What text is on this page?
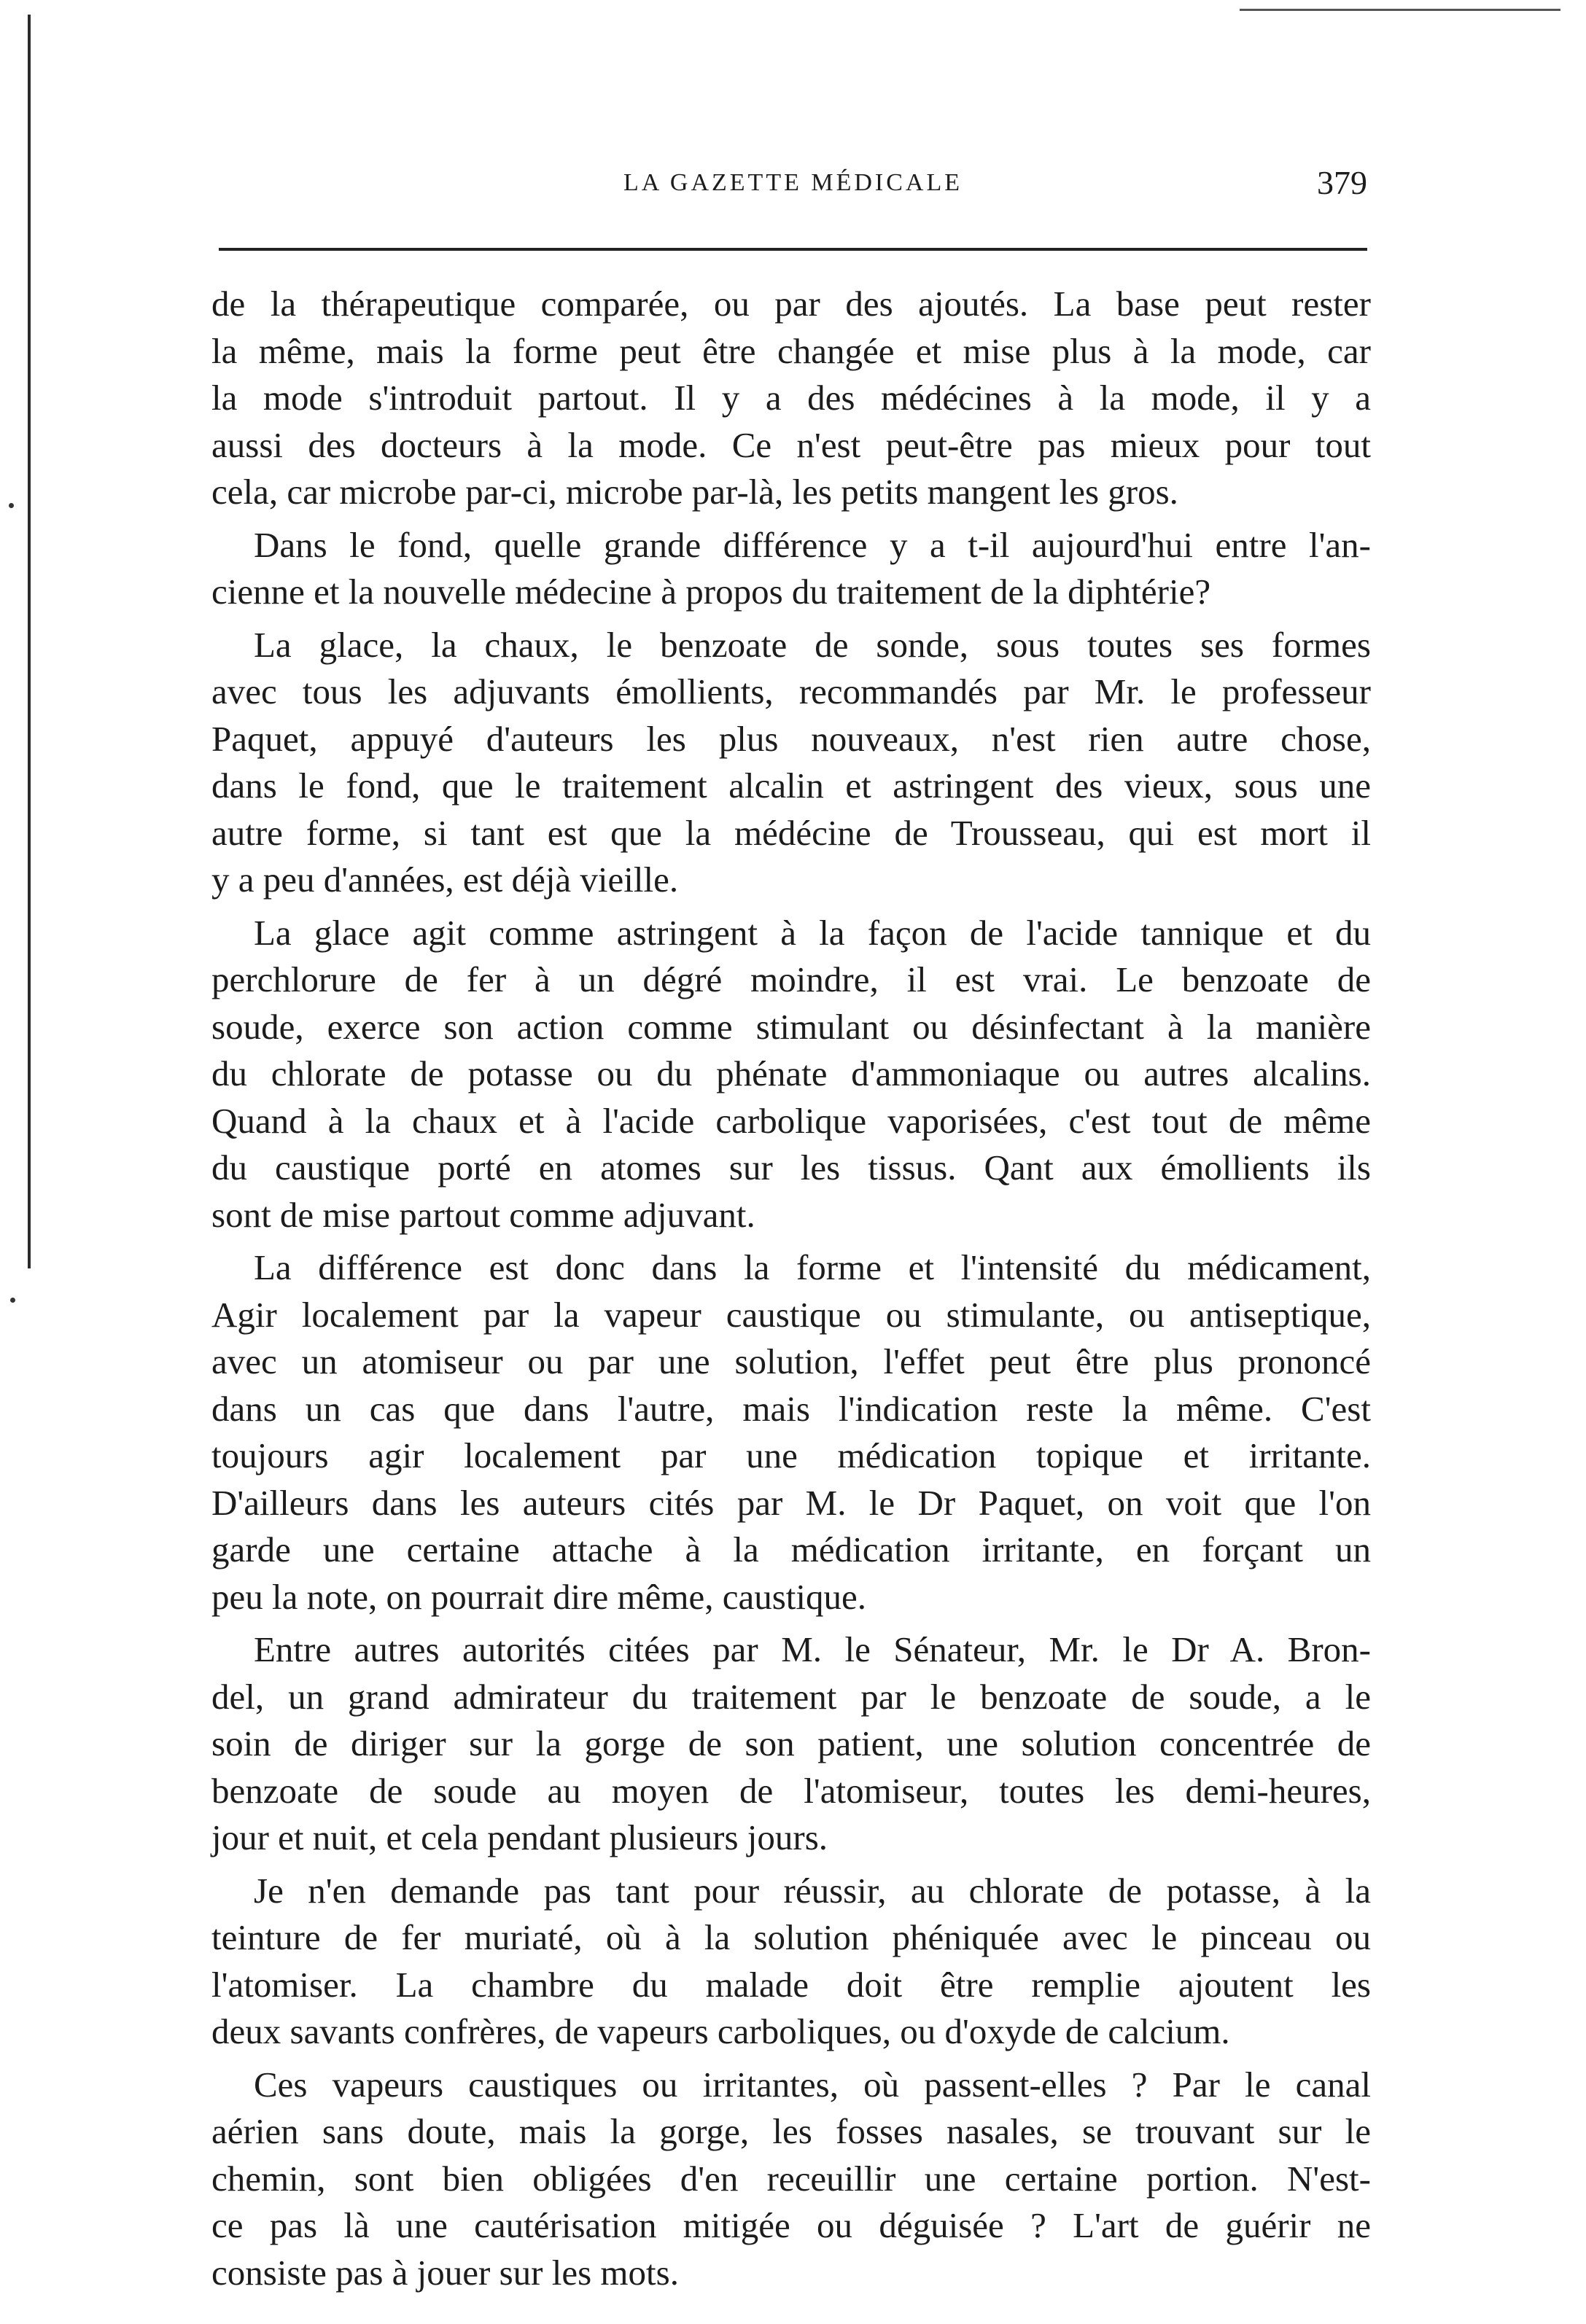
LA GAZETTE MÉDICALE	379
de la thérapeutique comparée, ou par des ajoutés. La base peut rester
la même, mais la forme peut être changée et mise plus à la mode, car
la mode s'introduit partout. Il y a des médécines à la mode, il y a
aussi des docteurs à la mode. Ce n'est peut-être pas mieux pour tout
cela, car microbe par-ci, microbe par-là, les petits mangent les gros.
Dans le fond, quelle grande différence y a t-il aujourd'hui entre l'an-
cienne et la nouvelle médecine à propos du traitement de la diphtérie?
La glace, la chaux, le benzoate de sonde, sous toutes ses formes
avec tous les adjuvants émollients, recommandés par Mr. le professeur
Paquet, appuyé d'auteurs les plus nouveaux, n'est rien autre chose,
dans le fond, que le traitement alcalin et astringent des vieux, sous une
autre forme, si tant est que la médécine de Trousseau, qui est mort il
y a peu d'années, est déjà vieille.
La glace agit comme astringent à la façon de l'acide tannique et du
perchlorure de fer à un dégré moindre, il est vrai. Le benzoate de
soude, exerce son action comme stimulant ou désinfectant à la manière
du chlorate de potasse ou du phénate d'ammoniaque ou autres alcalins.
Quand à la chaux et à l'acide carbolique vaporisées, c'est tout de même
du caustique porté en atomes sur les tissus. Qant aux émollients ils
sont de mise partout comme adjuvant.
La différence est donc dans la forme et l'intensité du médicament,
Agir localement par la vapeur caustique ou stimulante, ou antiseptique,
avec un atomiseur ou par une solution, l'effet peut être plus prononcé
dans un cas que dans l'autre, mais l'indication reste la même. C'est
toujours agir localement par une médication topique et irritante.
D'ailleurs dans les auteurs cités par M. le Dr Paquet, on voit que l'on
garde une certaine attache à la médication irritante, en forçant un
peu la note, on pourrait dire même, caustique.
Entre autres autorités citées par M. le Sénateur, Mr. le Dr A. Bron-
del, un grand admirateur du traitement par le benzoate de soude, a le
soin de diriger sur la gorge de son patient, une solution concentrée de
benzoate de soude au moyen de l'atomiseur, toutes les demi-heures,
jour et nuit, et cela pendant plusieurs jours.
Je n'en demande pas tant pour réussir, au chlorate de potasse, à la
teinture de fer muriaté, où à la solution phéniquée avec le pinceau ou
l'atomiser. La chambre du malade doit être remplie ajoutent les
deux savants confrères, de vapeurs carboliques, ou d'oxyde de calcium.
Ces vapeurs caustiques ou irritantes, où passent-elles ? Par le canal
aérien sans doute, mais la gorge, les fosses nasales, se trouvant sur le
chemin, sont bien obligées d'en receuillir une certaine portion. N'est-
ce pas là une cautérisation mitigée ou déguisée ? L'art de guérir ne
consiste pas à jouer sur les mots.
